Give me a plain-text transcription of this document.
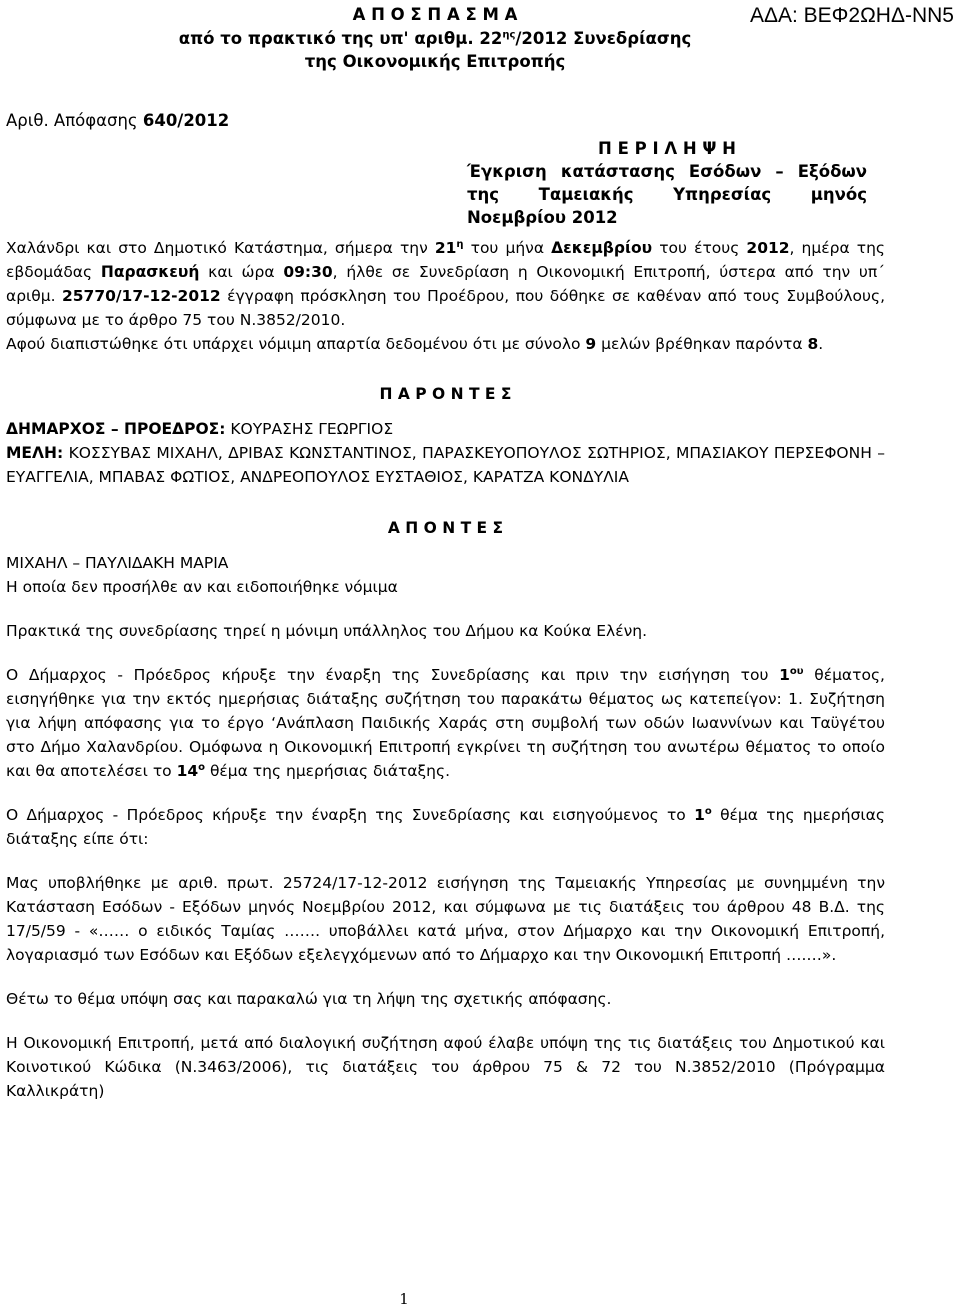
ΑΔΑ: ΒΕΦ2ΩΗΔ-ΝΝ5
Α Π Ο Σ Π Α Σ Μ Α
από το πρακτικό της υπ' αριθμ. $22^{\eta\varsigma}/2012$ Συνεδρίασης
της Οικονομικής Επιτροπής
Αριθ. Απόφασης 640/2012
Π Ε Ρ Ι Λ Η Ψ Η
Έγκριση κατάστασης Εσόδων – Εξόδων
της Ταμειακής Υπηρεσίας μηνός
Νοεμβρίου 2012

Χαλάνδρι και στο Δημοτικό Κατάστημα, σήμερα την $21^\eta$ του μήνα Δεκεμβρίου του έτους 2012, ημέρα της εβδομάδας Παρασκευή και ώρα 09:30, ήλθε σε Συνεδρίαση η Οικονομική Επιτροπή, ύστερα από την υπ΄ αριθμ. 25770/17-12-2012 έγγραφη πρόσκληση του Προέδρου, που δόθηκε σε καθέναν από τους Συμβούλους, σύμφωνα με το άρθρο 75 του Ν.3852/2010.

Αφού διαπιστώθηκε ότι υπάρχει νόμιμη απαρτία δεδομένου ότι με σύνολο 9 μελών βρέθηκαν παρόντα 8.

Π Α Ρ Ο Ν Τ Ε Σ

ΔΗΜΑΡΧΟΣ – ΠΡΟΕΔΡΟΣ: ΚΟΥΡΑΣΗΣ ΓΕΩΡΓΙΟΣ

ΜΕΛΗ: ΚΟΣΣΥΒΑΣ ΜΙΧΑΗΛ, ΔΡΙΒΑΣ ΚΩΝΣΤΑΝΤΙΝΟΣ, ΠΑΡΑΣΚΕΥΟΠΟΥΛΟΣ ΣΩΤΗΡΙΟΣ, ΜΠΑΣΙΑΚΟΥ ΠΕΡΣΕΦΟΝΗ – ΕΥΑΓΓΕΛΙΑ, ΜΠΑΒΑΣ ΦΩΤΙΟΣ, ΑΝΔΡΕΟΠΟΥΛΟΣ ΕΥΣΤΑΘΙΟΣ, ΚΑΡΑΤΖΑ ΚΟΝΔΥΛΙΑ

Α Π Ο Ν Τ Ε Σ

ΜΙΧΑΗΛ – ΠΑΥΛΙΔΑΚΗ ΜΑΡΙΑ

Η οποία δεν προσήλθε αν και ειδοποιήθηκε νόμιμα

Πρακτικά της συνεδρίασης τηρεί η μόνιμη υπάλληλος του Δήμου κα Κούκα Ελένη.

Ο Δήμαρχος - Πρόεδρος κήρυξε την έναρξη της Συνεδρίασης και πριν την εισήγηση του $1^{o\upsilon}$ θέματος, εισηγήθηκε για την εκτός ημερήσιας διάταξης συζήτηση του παρακάτω θέματος ως κατεπείγον: 1. Συζήτηση για λήψη απόφασης για το έργο ‘Ανάπλαση Παιδικής Χαράς στη συμβολή των οδών Ιωαννίνων και Ταϋγέτου στο Δήμο Χαλανδρίου. Ομόφωνα η Οικονομική Επιτροπή εγκρίνει τη συζήτηση του ανωτέρω θέματος το οποίο και θα αποτελέσει το $14^o$ θέμα της ημερήσιας διάταξης.

Ο Δήμαρχος - Πρόεδρος κήρυξε την έναρξη της Συνεδρίασης και εισηγούμενος το $1^o$ θέμα της ημερήσιας διάταξης είπε ότι:

Μας υποβλήθηκε με αριθ. πρωτ. 25724/17-12-2012 εισήγηση της Ταμειακής Υπηρεσίας με συνημμένη την Κατάσταση Εσόδων - Εξόδων μηνός Νοεμβρίου 2012, και σύμφωνα με τις διατάξεις του άρθρου 48 Β.Δ. της 17/5/59 - «…… ο ειδικός Ταμίας ……. υποβάλλει κατά μήνα, στον Δήμαρχο και την Οικονομική Επιτροπή, λογαριασμό των Εσόδων και Εξόδων εξελεγχόμενων από το Δήμαρχο και την Οικονομική Επιτροπή ….…».

Θέτω το θέμα υπόψη σας και παρακαλώ για τη λήψη της σχετικής απόφασης.

Η Οικονομική Επιτροπή, μετά από διαλογική συζήτηση αφού έλαβε υπόψη της τις διατάξεις του Δημοτικού και Κοινοτικού Κώδικα (Ν.3463/2006), τις διατάξεις του άρθρου 75 & 72 του Ν.3852/2010 (Πρόγραμμα Καλλικράτη)

1
